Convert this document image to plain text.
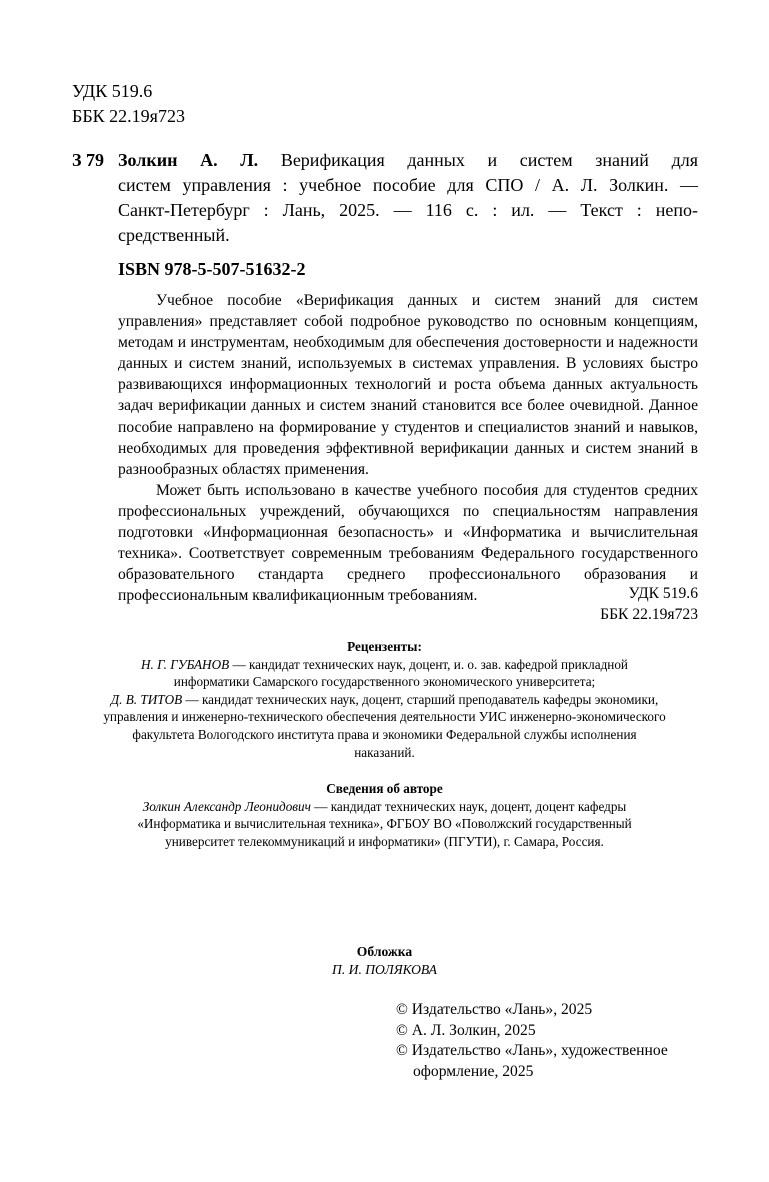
УДК 519.6
ББК 22.19я723
З 79 Золкин А. Л. Верификация данных и систем знаний для
систем управления : учебное пособие для СПО / А. Л. Золкин. —
Санкт-Петербург : Лань, 2025. — 116 с. : ил. — Текст : непо-
средственный.
ISBN 978-5-507-51632-2

Учебное пособие «Верификация данных и систем знаний для систем управления» представляет собой подробное руководство по основным концепциям, методам и инструментам, необходимым для обеспечения достоверности и надежности данных и систем знаний, используемых в системах управления. В условиях быстро развивающихся информационных технологий и роста объема данных актуальность задач верификации данных и систем знаний становится все более очевидной. Данное пособие направлено на формирование у студентов и специалистов знаний и навыков, необходимых для проведения эффективной верификации данных и систем знаний в разнообразных областях применения.

Может быть использовано в качестве учебного пособия для студентов средних профессиональных учреждений, обучающихся по специальностям направления подготовки «Информационная безопасность» и «Информатика и вычислительная техника». Соответствует современным требованиям Федерального государственного образовательного стандарта среднего профессионального образования и профессиональным квалификационным требованиям.	УДК 519.6
ББК 22.19я723
Рецензенты:
Н. Г. ГУБАНОВ — кандидат технических наук, доцент, и. о. зав. кафедрой прикладной
информатики Самарского государственного экономического университета;
Д. В. ТИТОВ — кандидат технических наук, доцент, старший преподаватель кафедры экономики,
управления и инженерно-технического обеспечения деятельности УИС инженерно-экономического
факультета Вологодского института права и экономики Федеральной службы исполнения
наказаний.
Сведения об авторе
Золкин Александр Леонидович — кандидат технических наук, доцент, доцент кафедры
«Информатика и вычислительная техника», ФГБОУ ВО «Поволжский государственный
университет телекоммуникаций и информатики» (ПГУТИ), г. Самара, Россия.
Обложка
П. И. ПОЛЯКОВА
© Издательство «Лань», 2025
© А. Л. Золкин, 2025
© Издательство «Лань», художественное
оформление, 2025
